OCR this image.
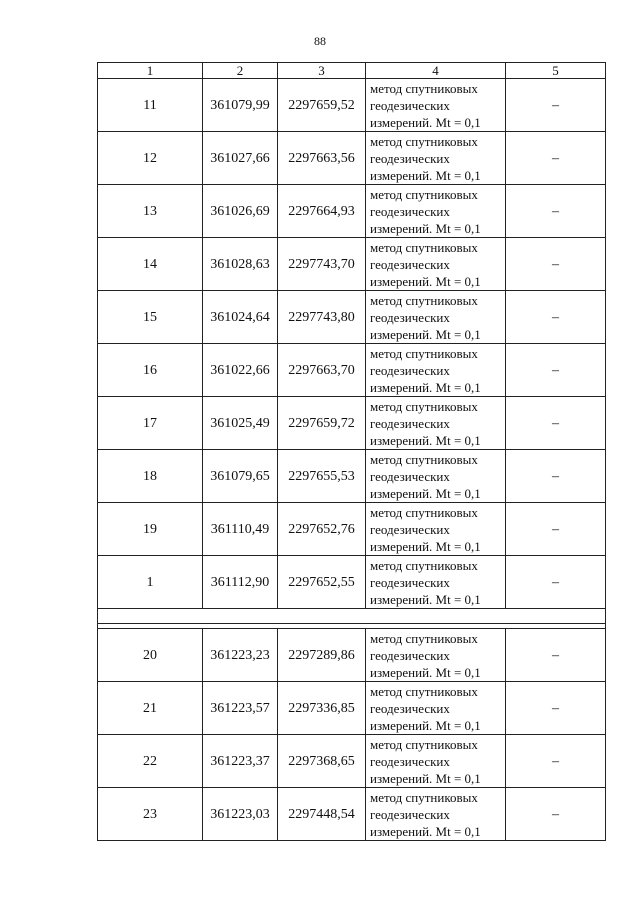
88
1	2	3	4	5
11	361079,99	2297659,52	метод спутниковых геодезических измерений. Mt = 0,1	–
12	361027,66	2297663,56	метод спутниковых геодезических измерений. Mt = 0,1	–
13	361026,69	2297664,93	метод спутниковых геодезических измерений. Mt = 0,1	–
14	361028,63	2297743,70	метод спутниковых геодезических измерений. Mt = 0,1	–
15	361024,64	2297743,80	метод спутниковых геодезических измерений. Mt = 0,1	–
16	361022,66	2297663,70	метод спутниковых геодезических измерений. Mt = 0,1	–
17	361025,49	2297659,72	метод спутниковых геодезических измерений. Mt = 0,1	–
18	361079,65	2297655,53	метод спутниковых геодезических измерений. Mt = 0,1	–
19	361110,49	2297652,76	метод спутниковых геодезических измерений. Mt = 0,1	–
1	361112,90	2297652,55	метод спутниковых геодезических измерений. Mt = 0,1	–

20	361223,23	2297289,86	метод спутниковых геодезических измерений. Mt = 0,1	–
21	361223,57	2297336,85	метод спутниковых геодезических измерений. Mt = 0,1	–
22	361223,37	2297368,65	метод спутниковых геодезических измерений. Mt = 0,1	–
23	361223,03	2297448,54	метод спутниковых геодезических измерений. Mt = 0,1	–
